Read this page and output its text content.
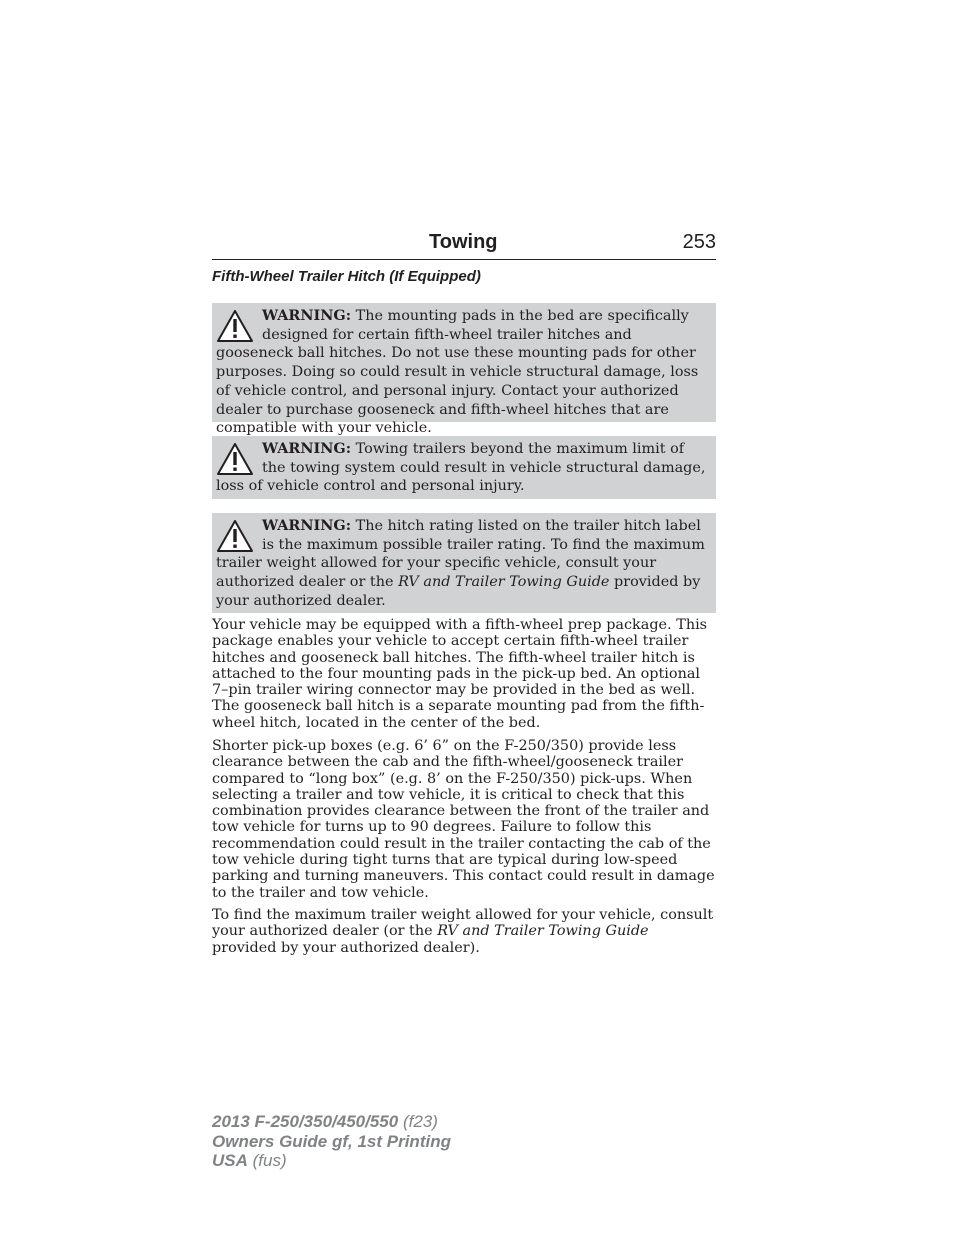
Towing	253
Fifth-Wheel Trailer Hitch (If Equipped)
WARNING: The mounting pads in the bed are specifically designed for certain fifth-wheel trailer hitches and gooseneck ball hitches. Do not use these mounting pads for other purposes. Doing so could result in vehicle structural damage, loss of vehicle control, and personal injury. Contact your authorized dealer to purchase gooseneck and fifth-wheel hitches that are compatible with your vehicle.
WARNING: Towing trailers beyond the maximum limit of the towing system could result in vehicle structural damage, loss of vehicle control and personal injury.
WARNING: The hitch rating listed on the trailer hitch label is the maximum possible trailer rating. To find the maximum trailer weight allowed for your specific vehicle, consult your authorized dealer or the RV and Trailer Towing Guide provided by your authorized dealer.

Your vehicle may be equipped with a fifth-wheel prep package. This package enables your vehicle to accept certain fifth-wheel trailer hitches and gooseneck ball hitches. The fifth-wheel trailer hitch is attached to the four mounting pads in the pick-up bed. An optional 7–pin trailer wiring connector may be provided in the bed as well. The gooseneck ball hitch is a separate mounting pad from the fifth-wheel hitch, located in the center of the bed.

Shorter pick-up boxes (e.g. 6’ 6” on the F-250/350) provide less clearance between the cab and the fifth-wheel/gooseneck trailer compared to “long box” (e.g. 8’ on the F-250/350) pick-ups. When selecting a trailer and tow vehicle, it is critical to check that this combination provides clearance between the front of the trailer and tow vehicle for turns up to 90 degrees. Failure to follow this recommendation could result in the trailer contacting the cab of the tow vehicle during tight turns that are typical during low-speed parking and turning maneuvers. This contact could result in damage to the trailer and tow vehicle.

To find the maximum trailer weight allowed for your vehicle, consult your authorized dealer (or the RV and Trailer Towing Guide provided by your authorized dealer).

2013 F-250/350/450/550 (f23)
Owners Guide gf, 1st Printing
USA (fus)
